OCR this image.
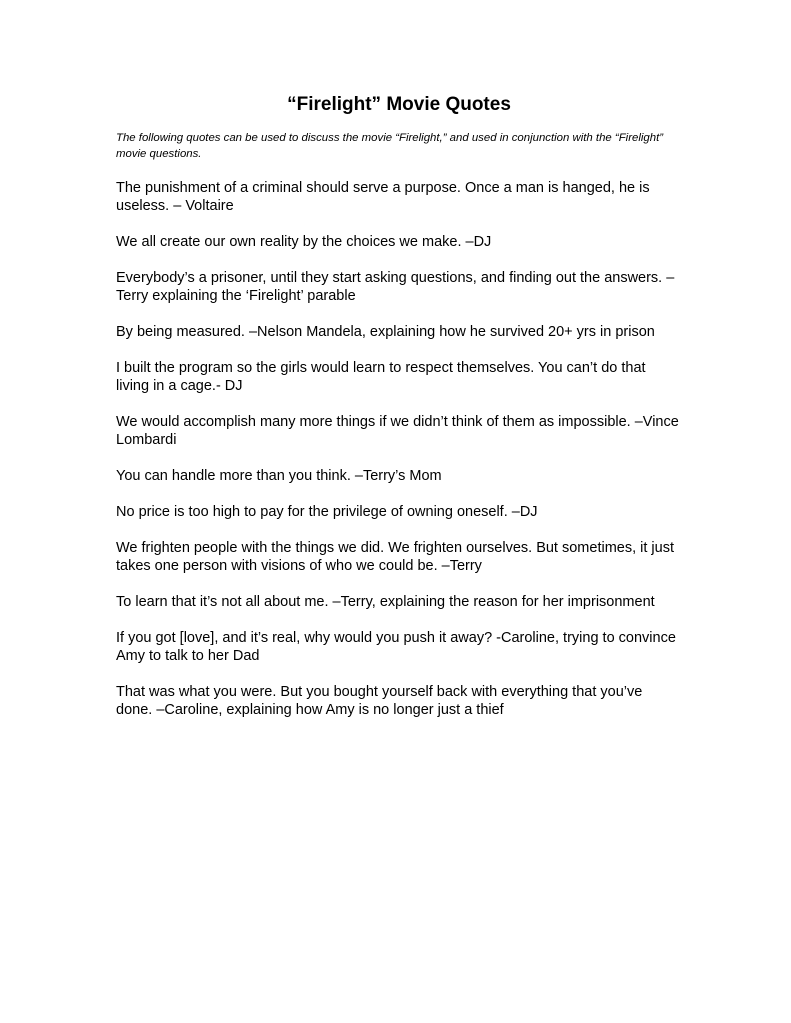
“Firelight” Movie Quotes

The following quotes can be used to discuss the movie “Firelight,” and used in conjunction with the “Firelight” movie questions.

The punishment of a criminal should serve a purpose. Once a man is hanged, he is useless. – Voltaire
We all create our own reality by the choices we make. –DJ
Everybody’s a prisoner, until they start asking questions, and finding out the answers. – Terry explaining the ‘Firelight’ parable
By being measured. –Nelson Mandela, explaining how he survived 20+ yrs in prison
I built the program so the girls would learn to respect themselves. You can’t do that living in a cage.- DJ
We would accomplish many more things if we didn’t think of them as impossible. –Vince Lombardi
You can handle more than you think. –Terry’s Mom
No price is too high to pay for the privilege of owning oneself. –DJ
We frighten people with the things we did. We frighten ourselves. But sometimes, it just takes one person with visions of who we could be. –Terry
To learn that it’s not all about me. –Terry, explaining the reason for her imprisonment
If you got [love], and it’s real, why would you push it away? -Caroline, trying to convince Amy to talk to her Dad
That was what you were. But you bought yourself back with everything that you’ve done. –Caroline, explaining how Amy is no longer just a thief
